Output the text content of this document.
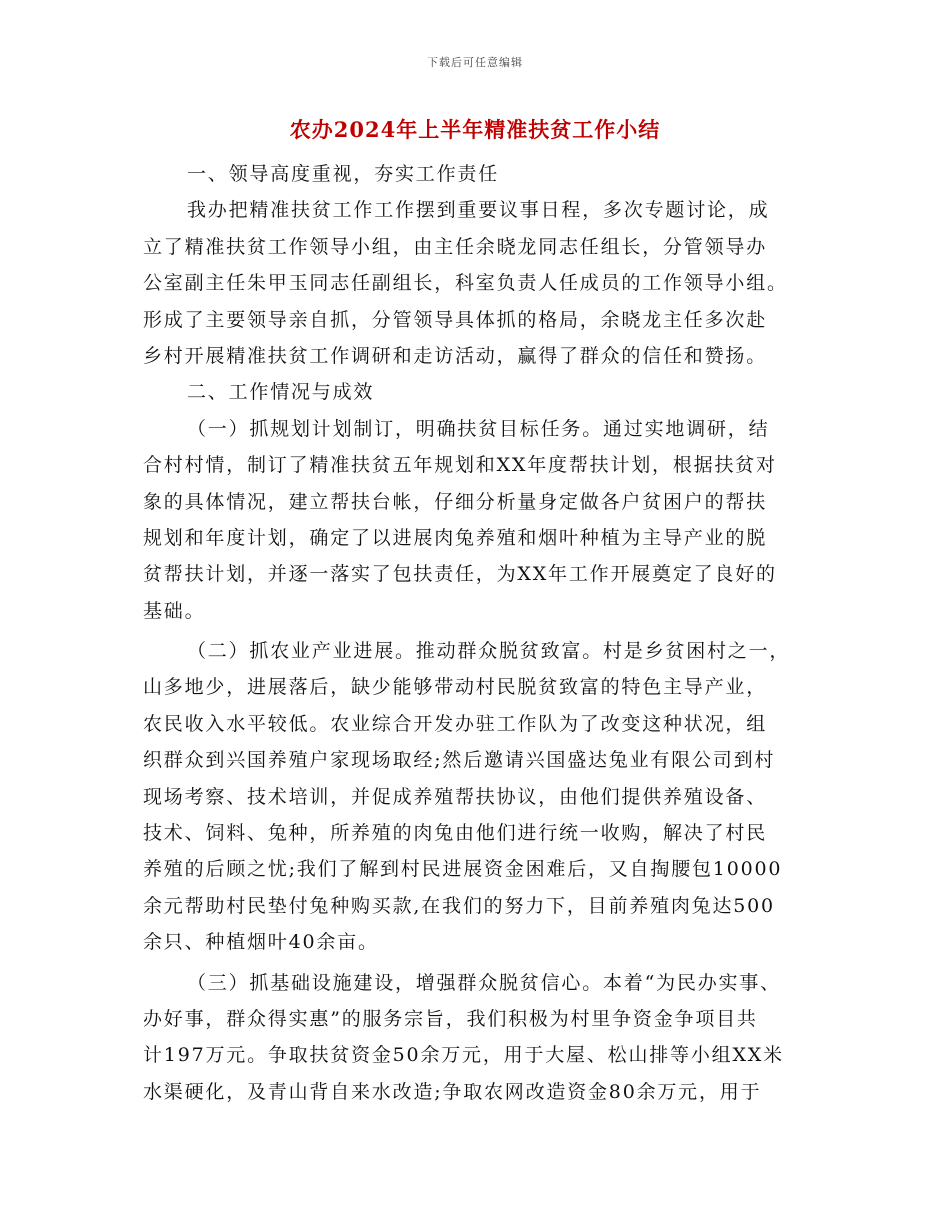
下载后可任意编辑
农办2024年上半年精准扶贫工作小结
一、领导高度重视，夯实工作责任
我办把精准扶贫工作工作摆到重要议事日程，多次专题讨论，成
立了精准扶贫工作领导小组，由主任余晓龙同志任组长，分管领导办
公室副主任朱甲玉同志任副组长，科室负责人任成员的工作领导小组。
形成了主要领导亲自抓，分管领导具体抓的格局，余晓龙主任多次赴
乡村开展精准扶贫工作调研和走访活动，赢得了群众的信任和赞扬。
二、工作情况与成效
（一）抓规划计划制订，明确扶贫目标任务。通过实地调研，结
合村村情，制订了精准扶贫五年规划和XX年度帮扶计划，根据扶贫对
象的具体情况，建立帮扶台帐，仔细分析量身定做各户贫困户的帮扶
规划和年度计划，确定了以进展肉兔养殖和烟叶种植为主导产业的脱
贫帮扶计划，并逐一落实了包扶责任，为XX年工作开展奠定了良好的
基础。
（二）抓农业产业进展。推动群众脱贫致富。村是乡贫困村之一，
山多地少，进展落后，缺少能够带动村民脱贫致富的特色主导产业，
农民收入水平较低。农业综合开发办驻工作队为了改变这种状况，组
织群众到兴国养殖户家现场取经;然后邀请兴国盛达兔业有限公司到村
现场考察、技术培训，并促成养殖帮扶协议，由他们提供养殖设备、
技术、饲料、兔种，所养殖的肉兔由他们进行统一收购，解决了村民
养殖的后顾之忧;我们了解到村民进展资金困难后，又自掏腰包10000
余元帮助村民垫付兔种购买款,在我们的努力下，目前养殖肉兔达500
余只、种植烟叶40余亩。
（三）抓基础设施建设，增强群众脱贫信心。本着“为民办实事、
办好事，群众得实惠”的服务宗旨，我们积极为村里争资金争项目共
计197万元。争取扶贫资金50余万元，用于大屋、松山排等小组XX米
水渠硬化，及青山背自来水改造;争取农网改造资金80余万元，用于
